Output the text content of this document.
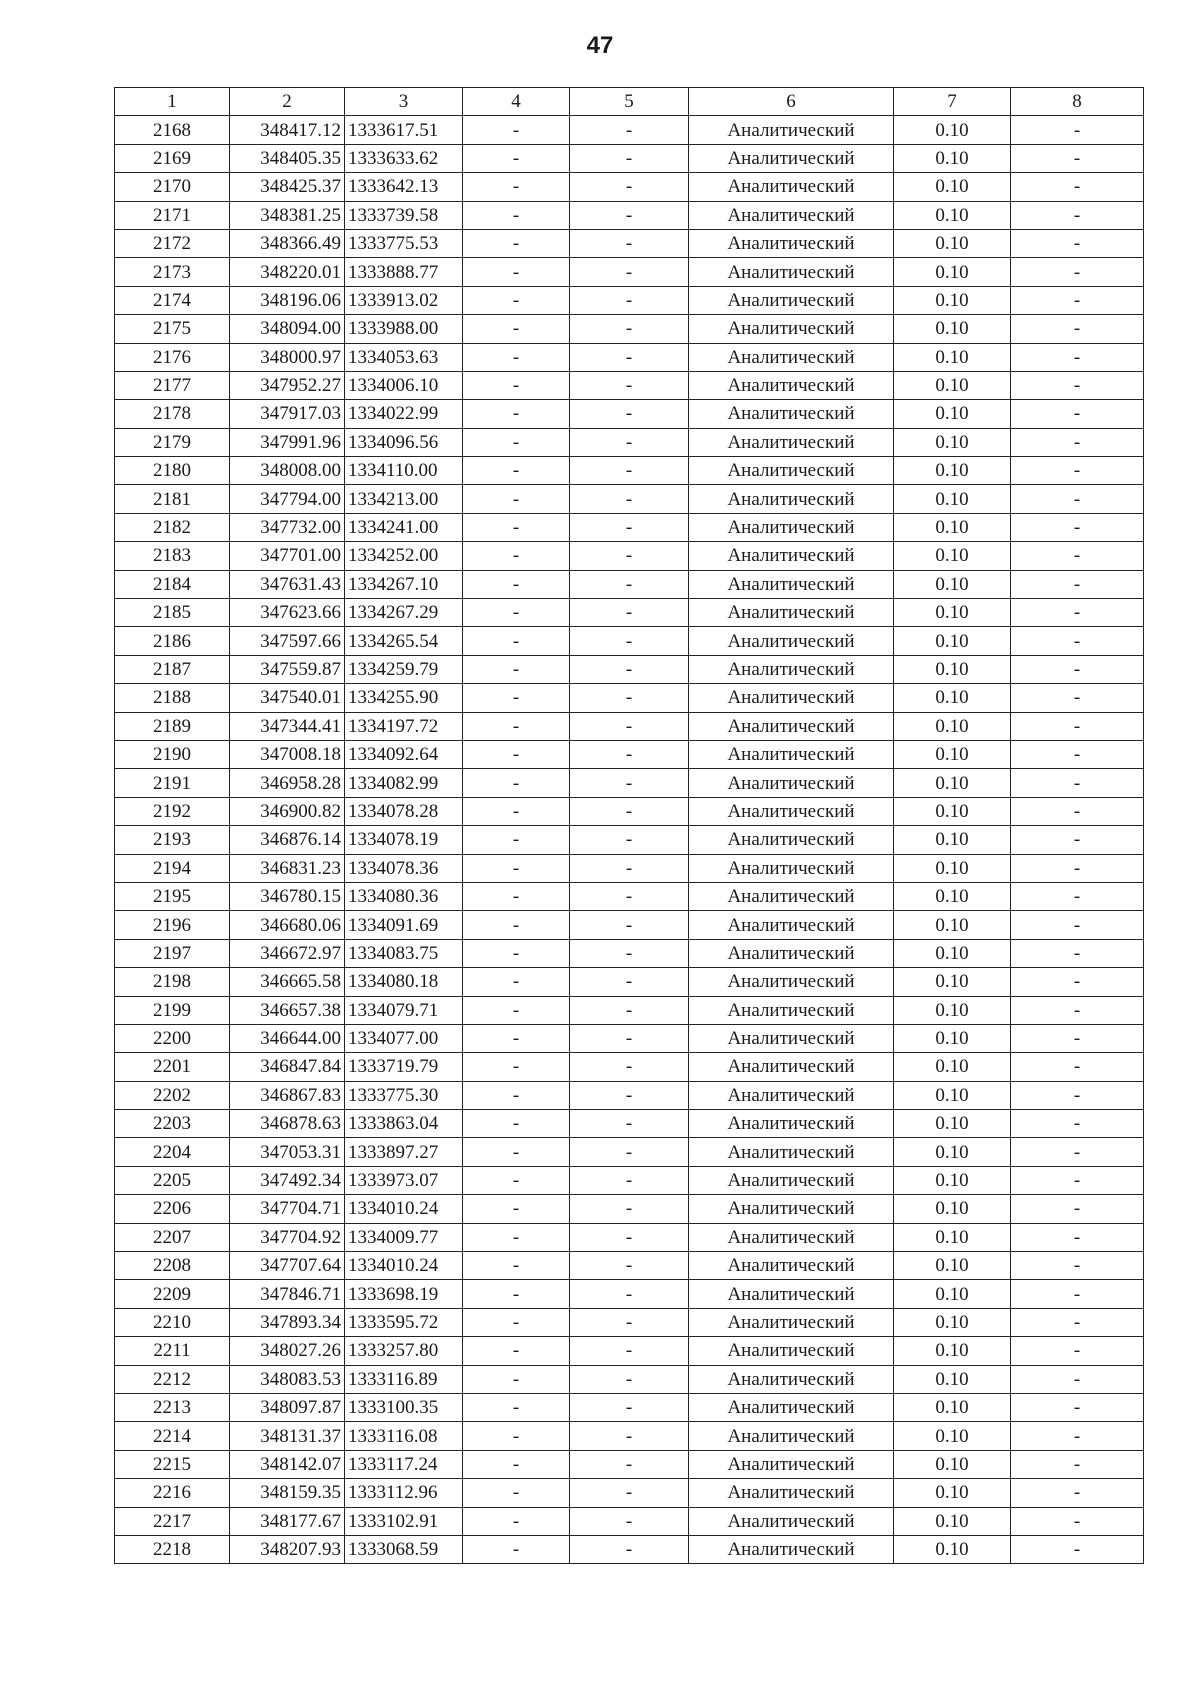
47
1	2	3	4	5	6	7	8
2168	348417.12	1333617.51	-	-	Аналитический	0.10	-
2169	348405.35	1333633.62	-	-	Аналитический	0.10	-
2170	348425.37	1333642.13	-	-	Аналитический	0.10	-
2171	348381.25	1333739.58	-	-	Аналитический	0.10	-
2172	348366.49	1333775.53	-	-	Аналитический	0.10	-
2173	348220.01	1333888.77	-	-	Аналитический	0.10	-
2174	348196.06	1333913.02	-	-	Аналитический	0.10	-
2175	348094.00	1333988.00	-	-	Аналитический	0.10	-
2176	348000.97	1334053.63	-	-	Аналитический	0.10	-
2177	347952.27	1334006.10	-	-	Аналитический	0.10	-
2178	347917.03	1334022.99	-	-	Аналитический	0.10	-
2179	347991.96	1334096.56	-	-	Аналитический	0.10	-
2180	348008.00	1334110.00	-	-	Аналитический	0.10	-
2181	347794.00	1334213.00	-	-	Аналитический	0.10	-
2182	347732.00	1334241.00	-	-	Аналитический	0.10	-
2183	347701.00	1334252.00	-	-	Аналитический	0.10	-
2184	347631.43	1334267.10	-	-	Аналитический	0.10	-
2185	347623.66	1334267.29	-	-	Аналитический	0.10	-
2186	347597.66	1334265.54	-	-	Аналитический	0.10	-
2187	347559.87	1334259.79	-	-	Аналитический	0.10	-
2188	347540.01	1334255.90	-	-	Аналитический	0.10	-
2189	347344.41	1334197.72	-	-	Аналитический	0.10	-
2190	347008.18	1334092.64	-	-	Аналитический	0.10	-
2191	346958.28	1334082.99	-	-	Аналитический	0.10	-
2192	346900.82	1334078.28	-	-	Аналитический	0.10	-
2193	346876.14	1334078.19	-	-	Аналитический	0.10	-
2194	346831.23	1334078.36	-	-	Аналитический	0.10	-
2195	346780.15	1334080.36	-	-	Аналитический	0.10	-
2196	346680.06	1334091.69	-	-	Аналитический	0.10	-
2197	346672.97	1334083.75	-	-	Аналитический	0.10	-
2198	346665.58	1334080.18	-	-	Аналитический	0.10	-
2199	346657.38	1334079.71	-	-	Аналитический	0.10	-
2200	346644.00	1334077.00	-	-	Аналитический	0.10	-
2201	346847.84	1333719.79	-	-	Аналитический	0.10	-
2202	346867.83	1333775.30	-	-	Аналитический	0.10	-
2203	346878.63	1333863.04	-	-	Аналитический	0.10	-
2204	347053.31	1333897.27	-	-	Аналитический	0.10	-
2205	347492.34	1333973.07	-	-	Аналитический	0.10	-
2206	347704.71	1334010.24	-	-	Аналитический	0.10	-
2207	347704.92	1334009.77	-	-	Аналитический	0.10	-
2208	347707.64	1334010.24	-	-	Аналитический	0.10	-
2209	347846.71	1333698.19	-	-	Аналитический	0.10	-
2210	347893.34	1333595.72	-	-	Аналитический	0.10	-
2211	348027.26	1333257.80	-	-	Аналитический	0.10	-
2212	348083.53	1333116.89	-	-	Аналитический	0.10	-
2213	348097.87	1333100.35	-	-	Аналитический	0.10	-
2214	348131.37	1333116.08	-	-	Аналитический	0.10	-
2215	348142.07	1333117.24	-	-	Аналитический	0.10	-
2216	348159.35	1333112.96	-	-	Аналитический	0.10	-
2217	348177.67	1333102.91	-	-	Аналитический	0.10	-
2218	348207.93	1333068.59	-	-	Аналитический	0.10	-
